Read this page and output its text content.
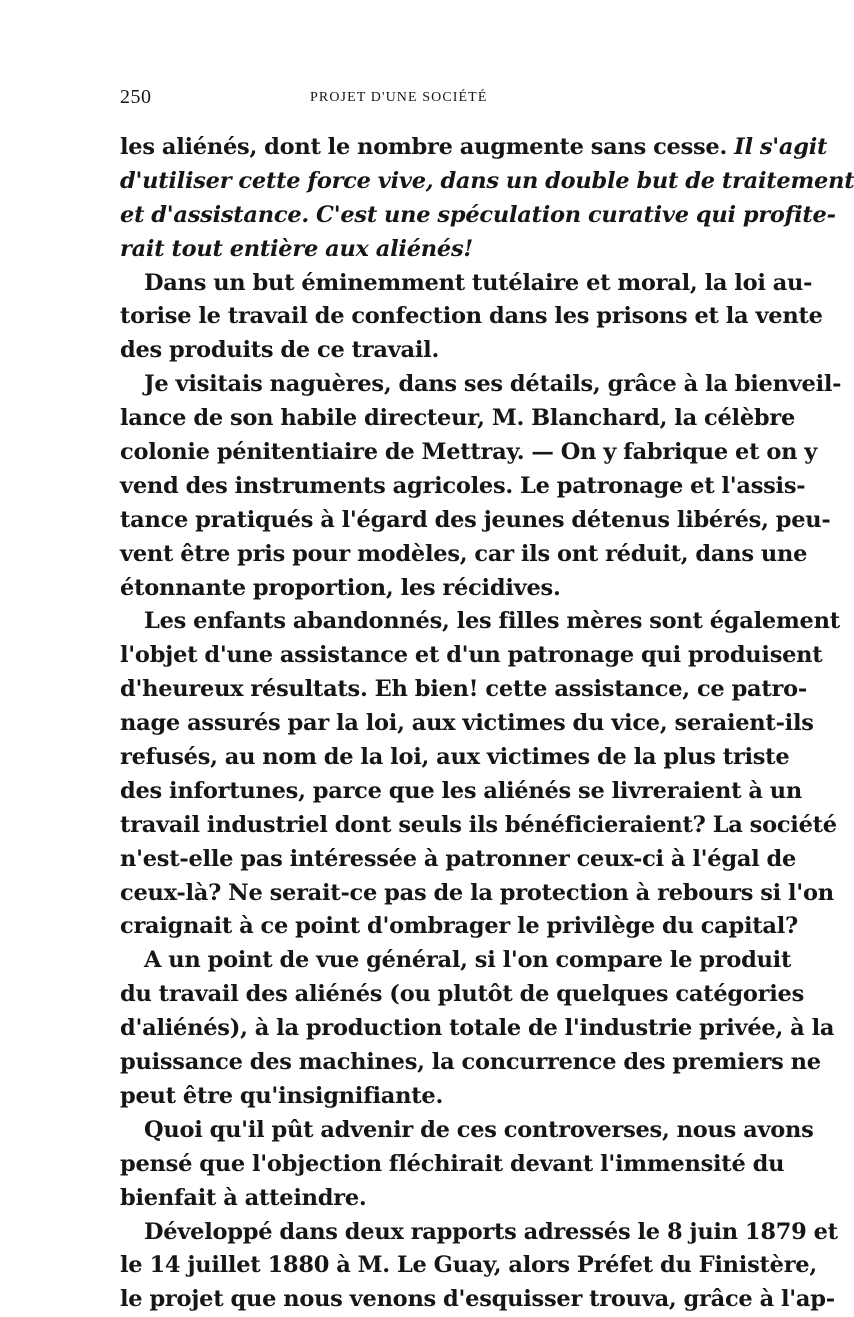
250	PROJET D'UNE SOCIÉTÉ
les aliénés, dont le nombre augmente sans cesse. Il s'agit
d'utiliser cette force vive, dans un double but de traitement
et d'assistance. C'est une spéculation curative qui profite-
rait tout entière aux aliénés!
Dans un but éminemment tutélaire et moral, la loi au-
torise le travail de confection dans les prisons et la vente
des produits de ce travail.
Je visitais naguères, dans ses détails, grâce à la bienveil-
lance de son habile directeur, M. Blanchard, la célèbre
colonie pénitentiaire de Mettray. — On y fabrique et on y
vend des instruments agricoles. Le patronage et l'assis-
tance pratiqués à l'égard des jeunes détenus libérés, peu-
vent être pris pour modèles, car ils ont réduit, dans une
étonnante proportion, les récidives.
Les enfants abandonnés, les filles mères sont également
l'objet d'une assistance et d'un patronage qui produisent
d'heureux résultats. Eh bien! cette assistance, ce patro-
nage assurés par la loi, aux victimes du vice, seraient-ils
refusés, au nom de la loi, aux victimes de la plus triste
des infortunes, parce que les aliénés se livreraient à un
travail industriel dont seuls ils bénéficieraient? La société
n'est-elle pas intéressée à patronner ceux-ci à l'égal de
ceux-là? Ne serait-ce pas de la protection à rebours si l'on
craignait à ce point d'ombrager le privilège du capital?
A un point de vue général, si l'on compare le produit
du travail des aliénés (ou plutôt de quelques catégories
d'aliénés), à la production totale de l'industrie privée, à la
puissance des machines, la concurrence des premiers ne
peut être qu'insignifiante.
Quoi qu'il pût advenir de ces controverses, nous avons
pensé que l'objection fléchirait devant l'immensité du
bienfait à atteindre.
Développé dans deux rapports adressés le 8 juin 1879 et
le 14 juillet 1880 à M. Le Guay, alors Préfet du Finistère,
le projet que nous venons d'esquisser trouva, grâce à l'ap-
